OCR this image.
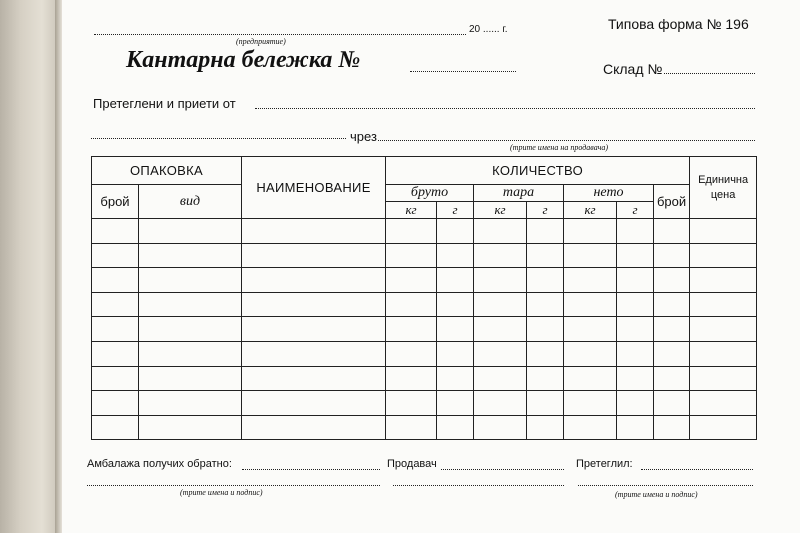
20 ...... г.
(предприятие)
Типова форма № 196
Кантарна бележка №	Склад №
Претеглени и приети от
чрез
(трите имена на продавача)
ОПАКОВКА		НАИМЕНОВАНИЕ	КОЛИЧЕСТВО							Единична
цена
брой	вид		бруто		тара		нето		брой	
			кг	г	кг	г	кг	г		

Амбалажа получих обратно:
(трите имена и подпис)
Продавач	Претеглил:
(трите имена и подпис)
